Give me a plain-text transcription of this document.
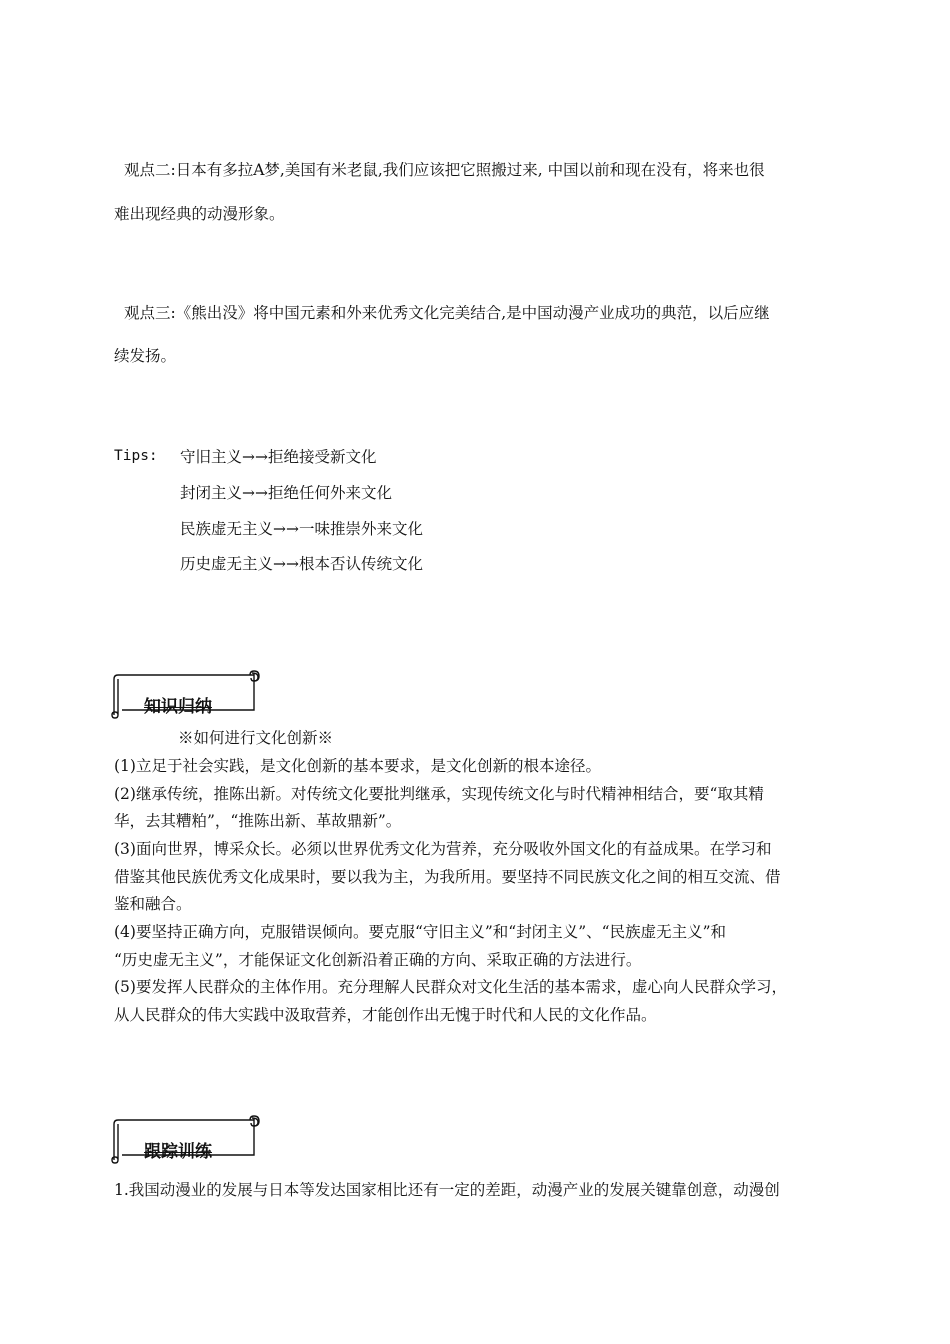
观点二:日本有多拉A梦,美国有米老鼠,我们应该把它照搬过来, 中国以前和现在没有，将来也很
难出现经典的动漫形象。
观点三:《熊出没》将中国元素和外来优秀文化完美结合,是中国动漫产业成功的典范，以后应继
续发扬。
Tips: 守旧主义→→拒绝接受新文化
封闭主义→→拒绝任何外来文化
民族虚无主义→→一味推崇外来文化
历史虚无主义→→根本否认传统文化
知识归纳
※如何进行文化创新※
(1)立足于社会实践，是文化创新的基本要求，是文化创新的根本途径。
(2)继承传统，推陈出新。对传统文化要批判继承，实现传统文化与时代精神相结合，要“取其精
华，去其糟粕”，“推陈出新、革故鼎新”。
(3)面向世界，博采众长。必须以世界优秀文化为营养，充分吸收外国文化的有益成果。在学习和
借鉴其他民族优秀文化成果时，要以我为主，为我所用。要坚持不同民族文化之间的相互交流、借
鉴和融合。
(4)要坚持正确方向，克服错误倾向。要克服“守旧主义”和“封闭主义”、“民族虚无主义”和
“历史虚无主义”，才能保证文化创新沿着正确的方向、采取正确的方法进行。
(5)要发挥人民群众的主体作用。充分理解人民群众对文化生活的基本需求，虚心向人民群众学习，
从人民群众的伟大实践中汲取营养，才能创作出无愧于时代和人民的文化作品。
跟踪训练
1.我国动漫业的发展与日本等发达国家相比还有一定的差距，动漫产业的发展关键靠创意，动漫创
